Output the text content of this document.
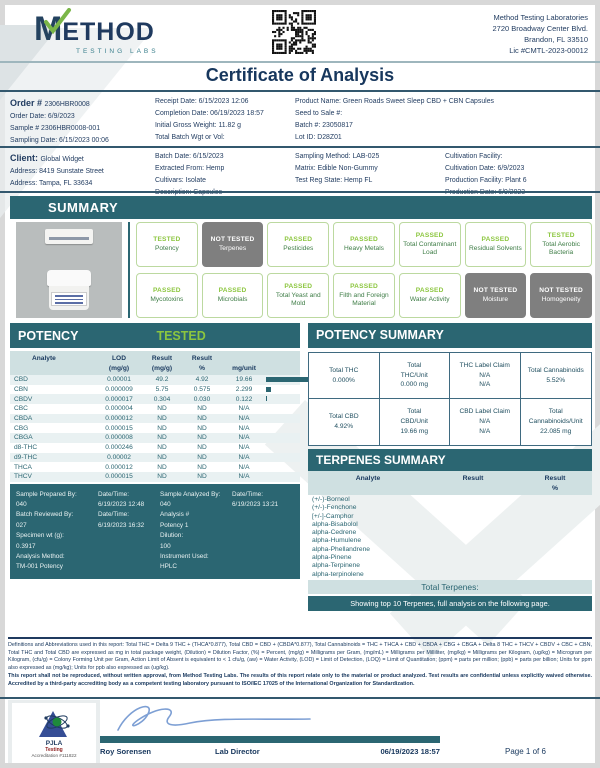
METHOD
TESTING LABS
Method Testing Laboratories
2720 Broadway Center Blvd.
Brandon, FL 33510
Lic #CMTL-2023-00012
Certificate of Analysis
Order # 2306HBR0008
Order Date: 6/9/2023
Sample # 2306HBR0008-001
Sampling Date: 6/15/2023 00:06
Receipt Date: 6/15/2023 12:06
Completion Date: 06/19/2023 18:57
Initial Gross Weight: 11.82 g
Total Batch Wgt or Vol:
Product Name: Green Roads Sweet Sleep CBD + CBN Capsules
Seed to Sale #:
Batch #: 23050817
Lot ID: D28Z01
Client: Global Widget
Address: 8419 Sunstate Street
Address: Tampa, FL 33634
Batch Date: 6/15/2023
Extracted From: Hemp
Cultivars: Isolate
Sampling Method: LAB-025
Matrix: Edible Non-Gummy
Test Reg State: Hemp FL
Cultivation Facility:
Cultivation Date: 6/9/2023
Production Facility: Plant 6
SUMMARY
TESTED
Potency
NOT TESTED
Terpenes
PASSED
Pesticides
PASSED
Heavy Metals
PASSED
Total Contaminant Load
PASSED
Residual Solvents
TESTED
Total Aerobic Bacteria
PASSED
Mycotoxins
PASSED
Microbials
PASSED
Total Yeast and Mold
PASSED
Filth and Foreign Material
PASSED
Water Activity
NOT TESTED
Moisture
NOT TESTED
Homogeneity
POTENCY	TESTED
Analyte	LOD
(mg/g)
Result
(mg/g)
Result
%	mg/unit

CBD	0.00001	49.2	4.92	19.66
CBN	0.000009	5.75	0.575	2.299
CBDV	0.000017	0.304	0.030	0.122
CBC	0.000004	ND	ND	N/A
CBDA	0.000012	ND	ND	N/A
CBG	0.000015	ND	ND	N/A
CBGA	0.000008	ND	ND	N/A
d8-THC	0.000246	ND	ND	N/A
d9-THC	0.00002	ND	ND	N/A
THCA	0.000012	ND	ND	N/A
THCV	0.000015	ND	ND	N/A
Sample Prepared By:	Date/Time:	Sample Analyzed By:	Date/Time:
040	6/19/2023 12:48	040	6/19/2023 13:21
Batch Reviewed By:	Date/Time:	Analysis #
027	6/19/2023 16:32	Potency 1
Specimen wt (g):	Dilution:
0.3917	100
Analysis Method:	Instrument Used:
TM-001 Potency	HPLC
POTENCY SUMMARY
Total THC
0.000%
Total
THC/Unit
0.000 mg
THC Label Claim
N/A
N/A
Total Cannabinoids
5.52%
Total CBD
4.92%
Total
CBD/Unit
19.66 mg
CBD Label Claim
N/A
N/A
Total
Cannabinoids/Unit
22.085 mg
TERPENES SUMMARY
Analyte	Result	Result
%
(+/-)-Borneol
(+/-)-Fenchone
[+/-]-Camphor
alpha-Bisabolol
alpha-Cedrene
alpha-Humulene
alpha-Phellandrene
alpha-Pinene
alpha-Terpinene
alpha-terpinolene
Total Terpenes:
Showing top 10 Terpenes, full analysis on the following page.
Definitions and Abbreviations used in this report: Total THC = Delta 9 THC + (THCA*0.877), Total CBD = CBD + (CBDA*0.877), Total Cannabinoids = THC + THCA + CBD + CBDA + CBG + CBGA + Delta 8 THC + THCV + CBDV + CBC + CBN, Total THC and Total CBD are expressed as mg in total package weight, (Dilution) = Dilution Factor, (%) = Percent, (mg/g) = Milligrams per Gram, (mg/mL) = Milligrams per Milliliter, (mg/kg) = Milligrams per Kilogram, (ug/kg) = Microgram per Kilogram, (cfu/g) = Colony Forming Unit per Gram, Action Limit of Absent is equivalent to < 1 cfu/g, (aw) = Water Activity, (LOD) = Limit of Detection, (LOQ) = Limit of Quantitation; (ppm) = parts per million; (ppb) = parts per billion; Units for ppm also expressed as (mg/kg); Units for ppb also expressed as (ug/kg).
This report shall not be reproduced, without written approval, from Method Testing Labs. The results of this report relate only to the material or product analyzed. Test results are confidential unless explicitly waived otherwise. Accredited by a third-party accrediting body as a competent testing laboratory pursuant to ISO/IEC 17025 of the International Organization for Standardization.
PJLA
Testing
Accreditation #111822	Roy Sorensen	Lab Director	06/19/2023 18:57	Page 1 of 6
